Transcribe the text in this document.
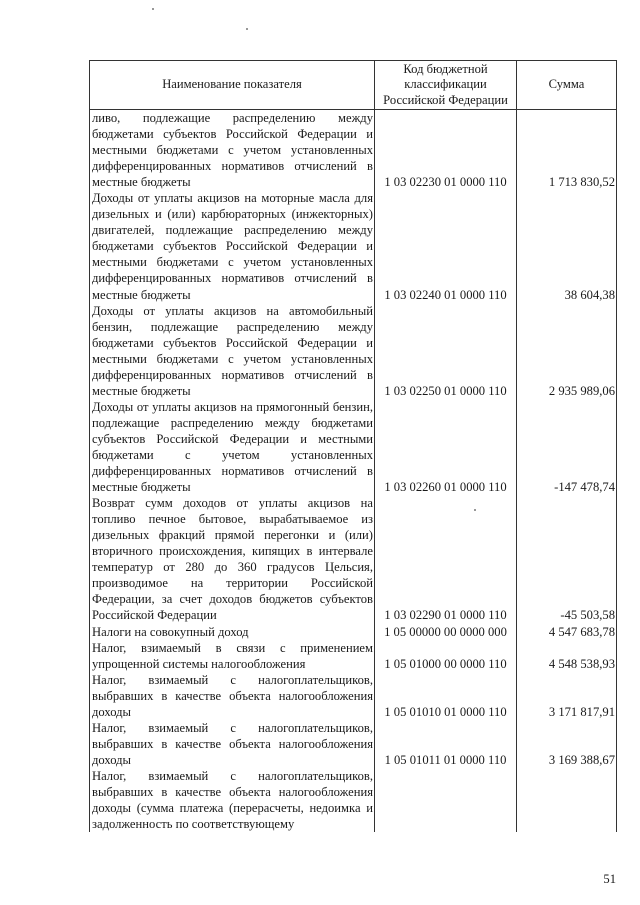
Наименование показателя	Код бюджетной классификации Российской Федерации	Сумма
ливо, подлежащие распределению между бюджетами субъектов Российской Федерации и местными бюджетами с учетом установленных дифференцированных нормативов отчислений в местные бюджеты	1 03 02230 01 0000 110	1 713 830,52
Доходы от уплаты акцизов на моторные масла для дизельных и (или) карбюраторных (инжекторных) двигателей, подлежащие распределению между бюджетами субъектов Российской Федерации и местными бюджетами с учетом установленных дифференцированных нормативов отчислений в местные бюджеты	1 03 02240 01 0000 110	38 604,38
Доходы от уплаты акцизов на автомобильный бензин, подлежащие распределению между бюджетами субъектов Российской Федерации и местными бюджетами с учетом установленных дифференцированных нормативов отчислений в местные бюджеты	1 03 02250 01 0000 110	2 935 989,06
Доходы от уплаты акцизов на прямогонный бензин, подлежащие распределению между бюджетами субъектов Российской Федерации и местными бюджетами с учетом установленных дифференцированных нормативов отчислений в местные бюджеты	1 03 02260 01 0000 110	-147 478,74
Возврат сумм доходов от уплаты акцизов на топливо печное бытовое, вырабатываемое из дизельных фракций прямой перегонки и (или) вторичного происхождения, кипящих в интервале температур от 280 до 360 градусов Цельсия, производимое на территории Российской Федерации, за счет доходов бюджетов субъектов Российской Федерации	1 03 02290 01 0000 110	-45 503,58
Налоги на совокупный доход	1 05 00000 00 0000 000	4 547 683,78
Налог, взимаемый в связи с применением упрощенной системы налогообложения	1 05 01000 00 0000 110	4 548 538,93
Налог, взимаемый с налогоплательщиков, выбравших в качестве объекта налогообложения доходы	1 05 01010 01 0000 110	3 171 817,91
Налог, взимаемый с налогоплательщиков, выбравших в качестве объекта налогообложения доходы	1 05 01011 01 0000 110	3 169 388,67
Налог, взимаемый с налогоплательщиков, выбравших в качестве объекта налогообложения доходы (сумма платежа (перерасчеты, недоимка и задолженность по соответствующему		
51
